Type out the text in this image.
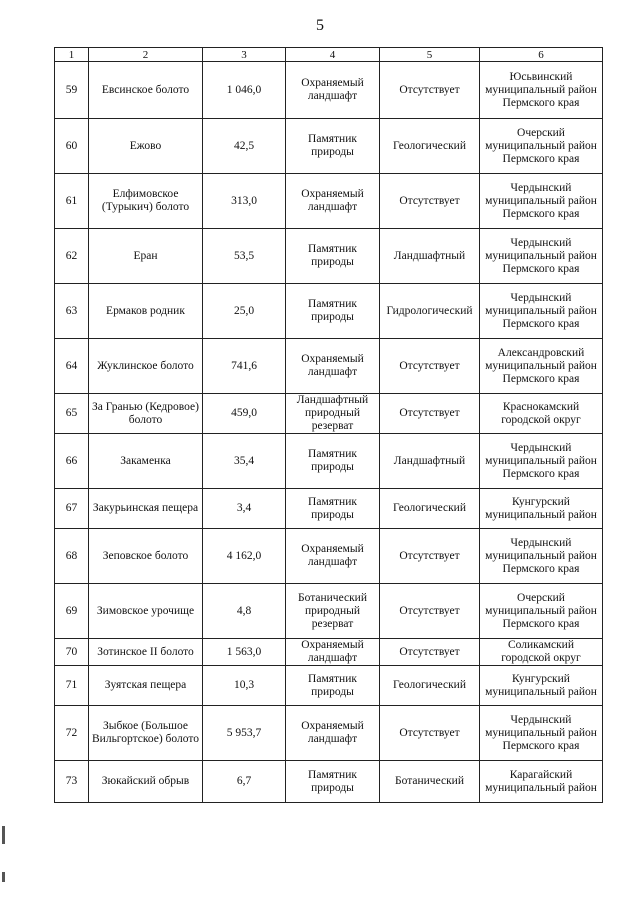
5
1	2	3	4	5	6
59	Евсинское болото	1 046,0	Охраняемый ландшафт	Отсутствует	Юсьвинский муниципальный район Пермского края
60	Ежово	42,5	Памятник природы	Геологический	Очерский муниципальный район Пермского края
61	Елфимовское (Турыкич) болото	313,0	Охраняемый ландшафт	Отсутствует	Чердынский муниципальный район Пермского края
62	Еран	53,5	Памятник природы	Ландшафтный	Чердынский муниципальный район Пермского края
63	Ермаков родник	25,0	Памятник природы	Гидрологический	Чердынский муниципальный район Пермского края
64	Жуклинское болото	741,6	Охраняемый ландшафт	Отсутствует	Александровский муниципальный район Пермского края
65	За Гранью (Кедровое) болото	459,0	Ландшафтный природный резерват	Отсутствует	Краснокамский городской округ
66	Закаменка	35,4	Памятник природы	Ландшафтный	Чердынский муниципальный район Пермского края
67	Закурьинская пещера	3,4	Памятник природы	Геологический	Кунгурский муниципальный район
68	Зеповское болото	4 162,0	Охраняемый ландшафт	Отсутствует	Чердынский муниципальный район Пермского края
69	Зимовское урочище	4,8	Ботанический природный резерват	Отсутствует	Очерский муниципальный район Пермского края
70	Зотинское II болото	1 563,0	Охраняемый ландшафт	Отсутствует	Соликамский городской округ
71	Зуятская пещера	10,3	Памятник природы	Геологический	Кунгурский муниципальный район
72	Зыбкое (Большое Вильгортское) болото	5 953,7	Охраняемый ландшафт	Отсутствует	Чердынский муниципальный район Пермского края
73	Зюкайский обрыв	6,7	Памятник природы	Ботанический	Карагайский муниципальный район
